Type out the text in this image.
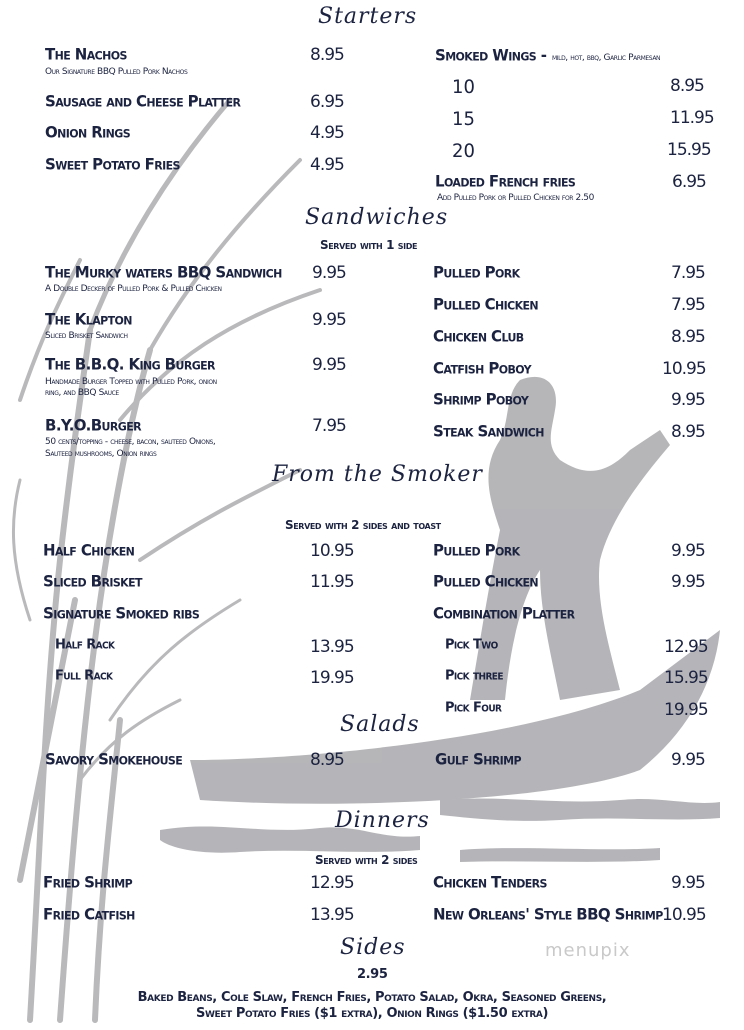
Starters
The Nachos	8.95
Our Signature BBQ Pulled Pork Nachos
Sausage and Cheese Platter	6.95
Onion Rings	4.95
Sweet Potato Fries	4.95
Smoked Wings - mild, hot, bbq, Garlic Parmesan
10	8.95
15	11.95
20	15.95
Loaded French fries	6.95
Add Pulled Pork or Pulled Chicken for 2.50
Sandwiches
Served with 1 side
The Murky waters BBQ Sandwich 9.95
A Double Decker of Pulled Pork & Pulled Chicken
The Klapton	9.95
Sliced Brisket Sandwich
The B.B.Q. King Burger	9.95
Handmade Burger Topped with Pulled Pork, onion
ring, and BBQ Sauce
B.Y.O.Burger	7.95
50 cents/topping - cheese, bacon, sauteed Onions,
Sauteed mushrooms, Onion rings
Pulled Pork	7.95
Pulled Chicken	7.95
Chicken Club	8.95
Catfish Poboy	10.95
Shrimp Poboy	9.95
Steak Sandwich	8.95
From the Smoker
Served with 2 sides and toast
Half Chicken	10.95
Sliced Brisket	11.95
Signature Smoked ribs
Half Rack	13.95
Full Rack	19.95
Pulled Pork	9.95
Pulled Chicken	9.95
Combination Platter
Pick Two	12.95
Pick three	15.95
Pick Four	19.95
Salads
Savory Smokehouse	8.95	Gulf Shrimp	9.95
Dinners
Served with 2 sides
Fried Shrimp	12.95
Fried Catfish	13.95
Chicken Tenders	9.95
New Orleans' Style BBQ Shrimp 10.95
menupix
Sides
2.95
Baked Beans, Cole Slaw, French Fries, Potato Salad, Okra, Seasoned Greens,
Sweet Potato Fries ($1 extra), Onion Rings ($1.50 extra)
